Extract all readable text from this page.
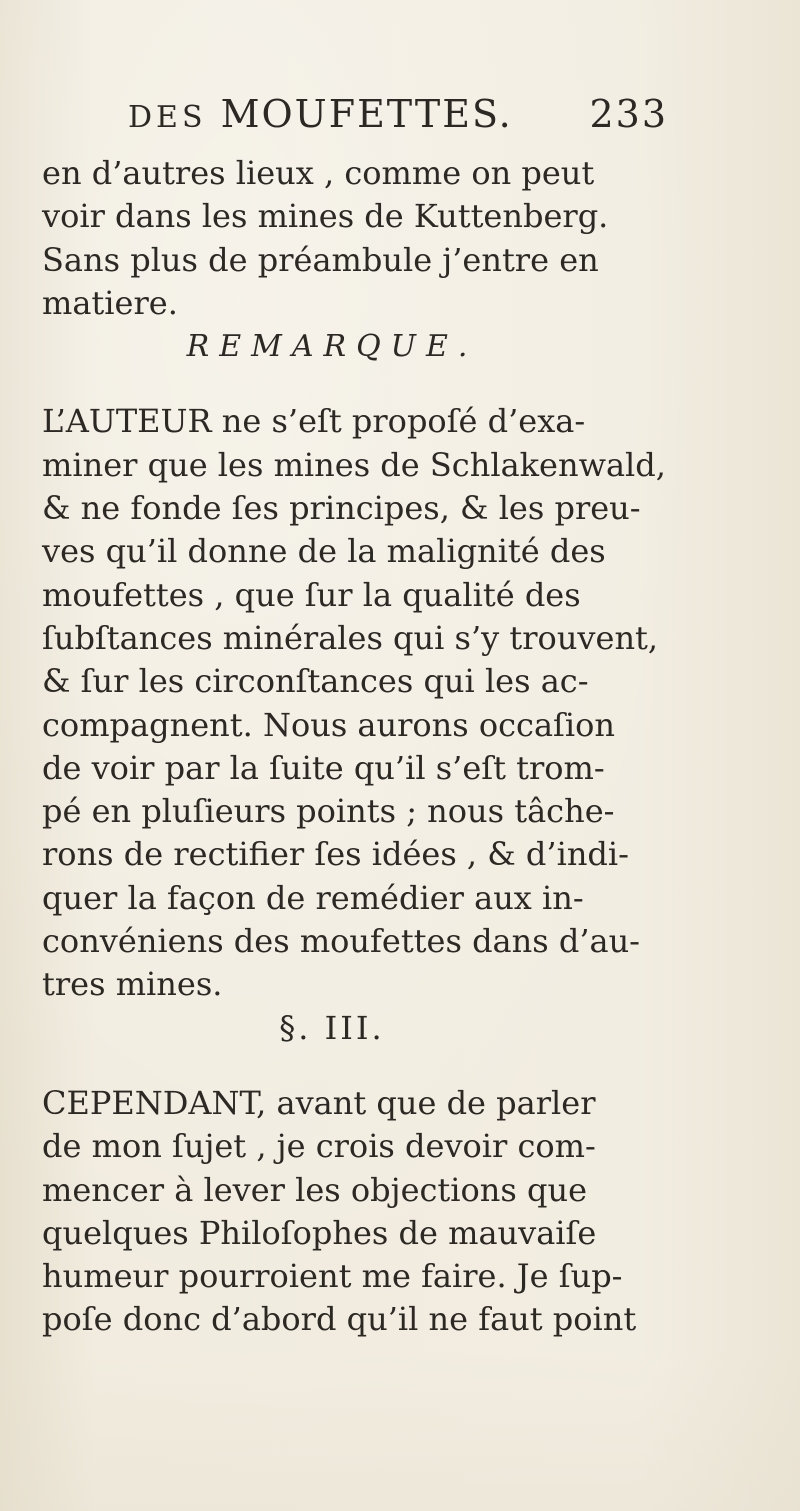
DES MOUFETTES. 233
en d’autres lieux , comme on peut
voir dans les mines de Kuttenberg.
Sans plus de préambule j’entre en
matiere.
REMARQUE.
L’AUTEUR ne s’eſt propoſé d’exa-
miner que les mines de Schlakenwald,
& ne fonde ſes principes, & les preu-
ves qu’il donne de la malignité des
moufettes , que ſur la qualité des
ſubſtances minérales qui s’y trouvent,
& ſur les circonſtances qui les ac-
compagnent. Nous aurons occaſion
de voir par la ſuite qu’il s’eſt trom-
pé en pluſieurs points ; nous tâche-
rons de rectifier ſes idées , & d’indi-
quer la façon de remédier aux in-
convéniens des moufettes dans d’au-
tres mines.
§. III.
CEPENDANT, avant que de parler
de mon ſujet , je crois devoir com-
mencer à lever les objections que
quelques Philoſophes de mauvaiſe
humeur pourroient me faire. Je ſup-
poſe donc d’abord qu’il ne faut point
